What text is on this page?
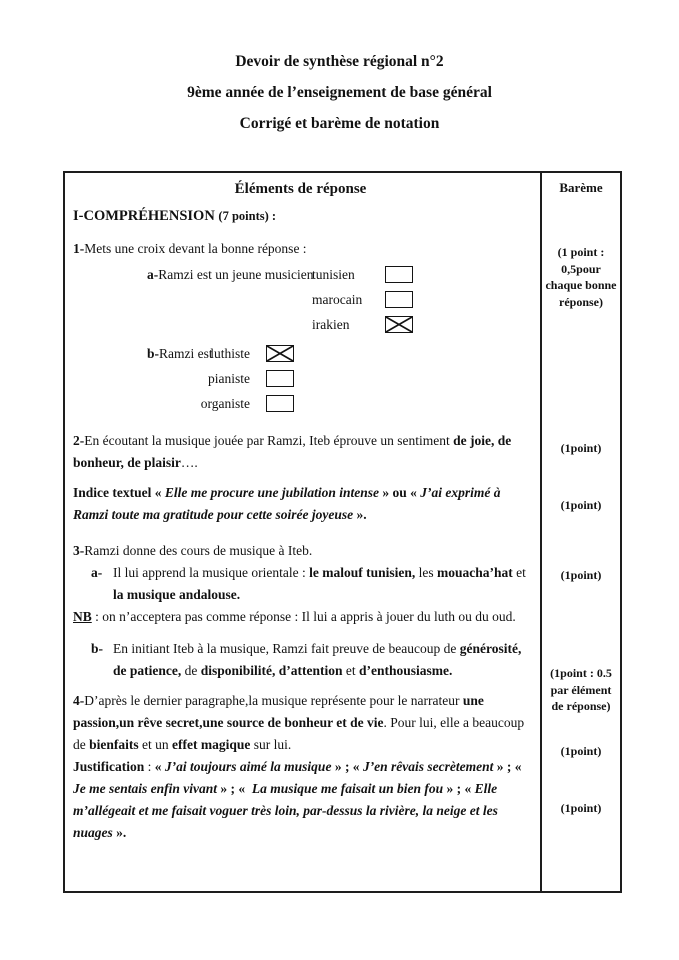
Devoir de synthèse régional n°2
9ème année de l’enseignement de base général
Corrigé et barème de notation
Éléments de réponse
I-COMPRÉHENSION (7 points) :
1-Mets une croix devant la bonne réponse :
a-Ramzi est un jeune musicien
tunisien
marocain
irakien
b-Ramzi est
luthiste
pianiste
organiste
2-En écoutant la musique jouée par Ramzi, Iteb éprouve un sentiment de joie, de bonheur, de plaisir….
Indice textuel « Elle me procure une jubilation intense » ou « J’ai exprimé à Ramzi toute ma gratitude pour cette soirée joyeuse ».
3-Ramzi donne des cours de musique à Iteb.
a- Il lui apprend la musique orientale : le malouf tunisien, les mouacha’hat et la musique andalouse.
NB : on n’acceptera pas comme réponse : Il lui a appris à jouer du luth ou du oud.
b- En initiant Iteb à la musique, Ramzi fait preuve de beaucoup de générosité, de patience, de disponibilité, d’attention et d’enthousiasme.
4-D’après le dernier paragraphe,la musique représente pour le narrateur une passion,un rêve secret,une source de bonheur et de vie. Pour lui, elle a beaucoup de bienfaits et un effet magique sur lui.
Justification : « J’ai toujours aimé la musique » ; « J’en rêvais secrètement » ; « Je me sentais enfin vivant » ; «  La musique me faisait un bien fou » ; « Elle m’allégeait et me faisait voguer très loin, par-dessus la rivière, la neige et les  nuages ».
Barème
(1 point : 0,5pour chaque bonne réponse)
(1point)
(1point)
(1point)
(1point : 0.5 par élément de réponse)
(1point)
(1point)
